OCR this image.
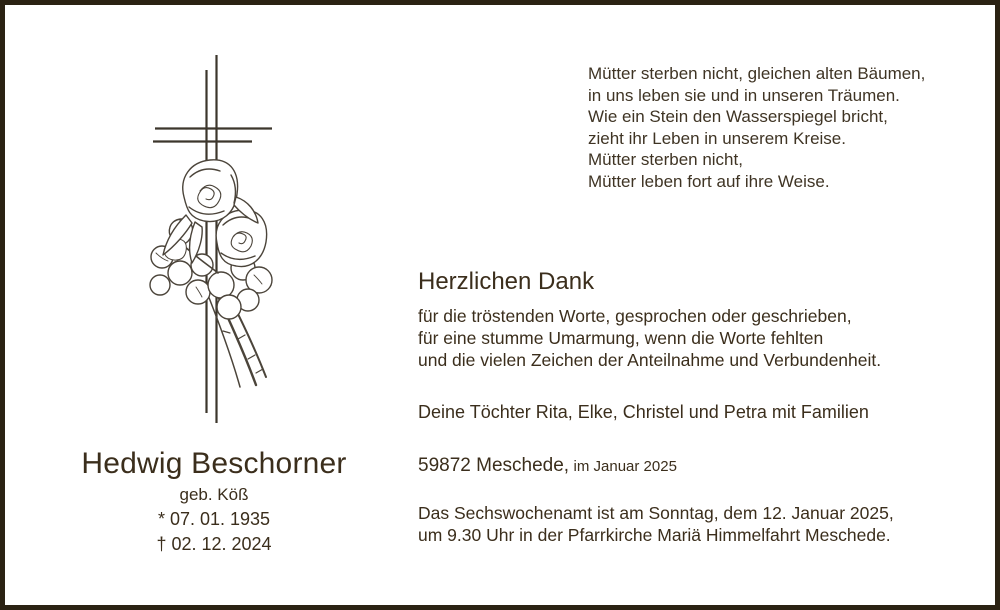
Mütter sterben nicht, gleichen alten Bäumen,
in uns leben sie und in unseren Träumen.
Wie ein Stein den Wasserspiegel bricht,
zieht ihr Leben in unserem Kreise.
Mütter sterben nicht,
Mütter leben fort auf ihre Weise.
Herzlichen Dank
für die tröstenden Worte, gesprochen oder geschrieben,
für eine stumme Umarmung, wenn die Worte fehlten
und die vielen Zeichen der Anteilnahme und Verbundenheit.
Deine Töchter Rita, Elke, Christel und Petra mit Familien
59872 Meschede, im Januar 2025
Das Sechswochenamt ist am Sonntag, dem 12. Januar 2025,
um 9.30 Uhr in der Pfarrkirche Mariä Himmelfahrt Meschede.
Hedwig Beschorner
geb. Köß
* 07. 01. 1935
† 02. 12. 2024
